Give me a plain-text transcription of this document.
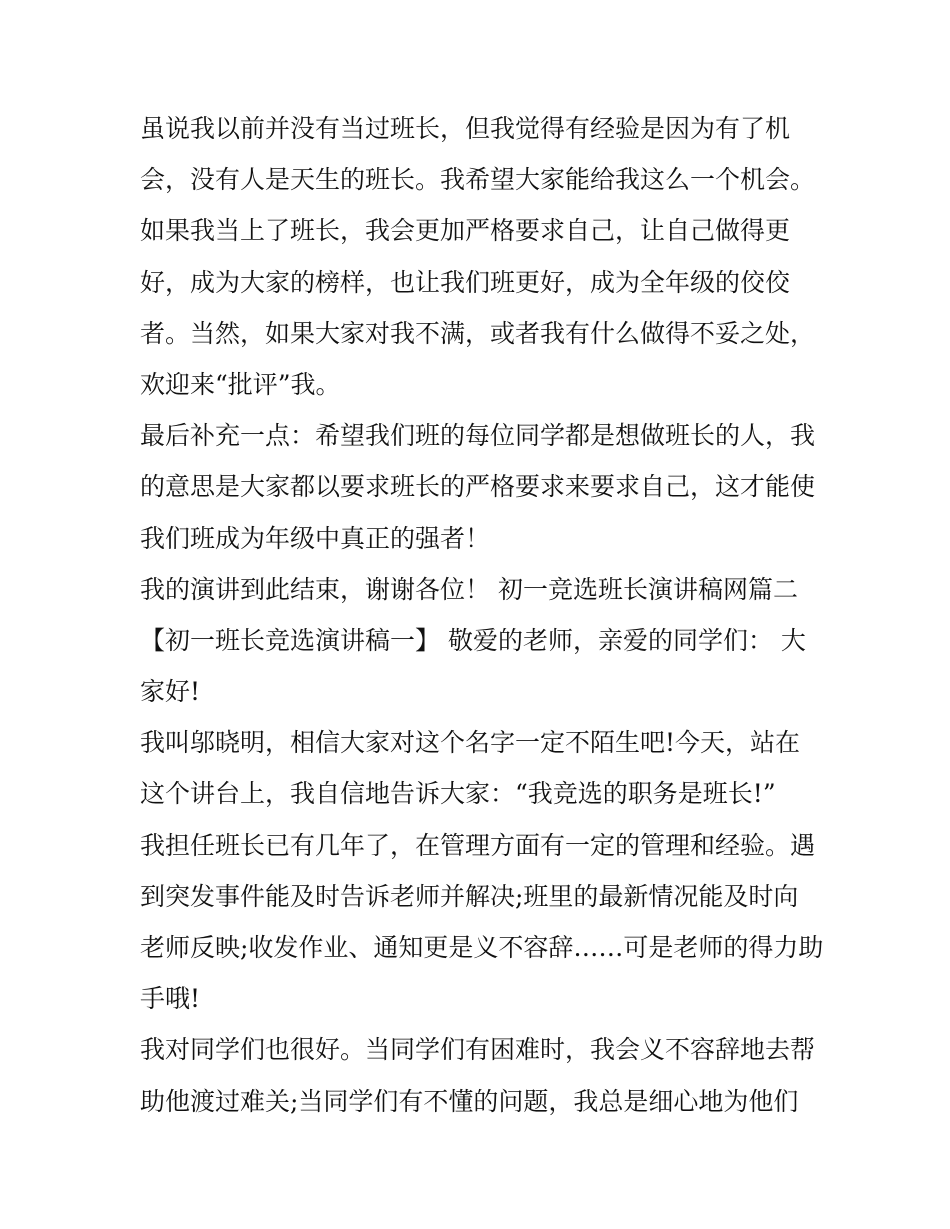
虽说我以前并没有当过班长，但我觉得有经验是因为有了机
会，没有人是天生的班长。我希望大家能给我这么一个机会。
如果我当上了班长，我会更加严格要求自己，让自己做得更
好，成为大家的榜样，也让我们班更好，成为全年级的佼佼
者。当然，如果大家对我不满，或者我有什么做得不妥之处，
欢迎来“批评”我。
最后补充一点：希望我们班的每位同学都是想做班长的人，我
的意思是大家都以要求班长的严格要求来要求自己，这才能使
我们班成为年级中真正的强者！
我的演讲到此结束，谢谢各位！ 初一竞选班长演讲稿网篇二
【初一班长竞选演讲稿一】 敬爱的老师，亲爱的同学们： 大
家好!
我叫邬晓明，相信大家对这个名字一定不陌生吧!今天，站在
这个讲台上，我自信地告诉大家：“我竞选的职务是班长!”
我担任班长已有几年了，在管理方面有一定的管理和经验。遇
到突发事件能及时告诉老师并解决;班里的最新情况能及时向
老师反映;收发作业、通知更是义不容辞……可是老师的得力助
手哦!
我对同学们也很好。当同学们有困难时，我会义不容辞地去帮
助他渡过难关;当同学们有不懂的问题，我总是细心地为他们
